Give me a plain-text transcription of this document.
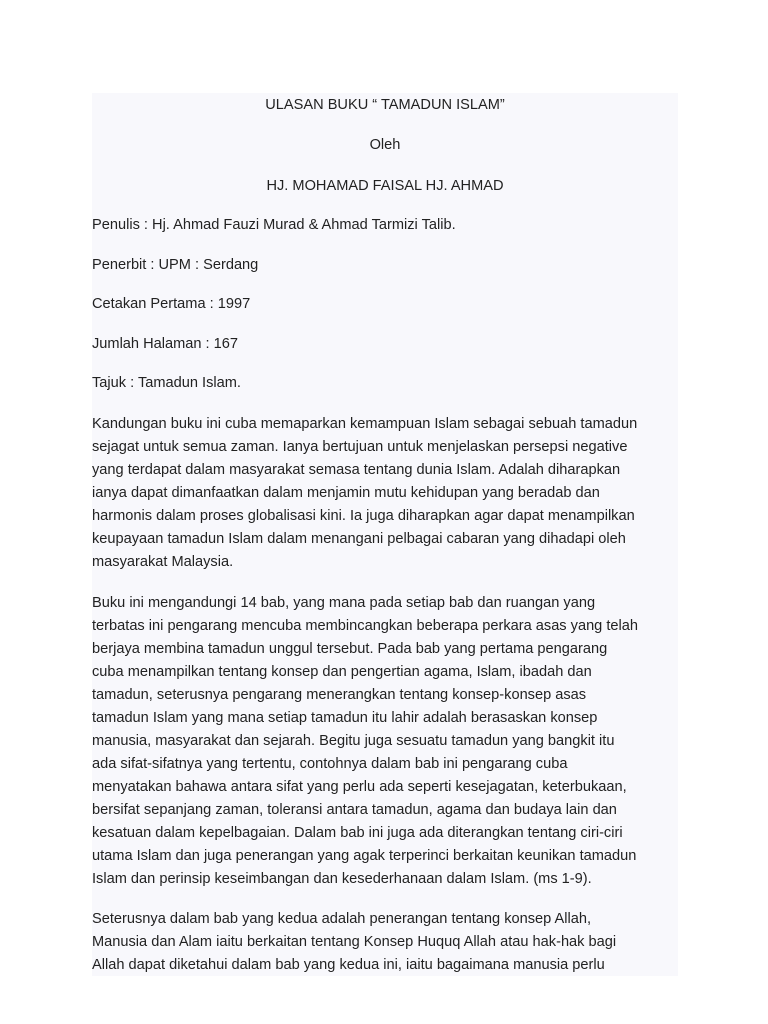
ULASAN BUKU “ TAMADUN ISLAM”
Oleh
HJ. MOHAMAD FAISAL HJ. AHMAD
Penulis : Hj. Ahmad Fauzi Murad & Ahmad Tarmizi Talib.
Penerbit : UPM : Serdang
Cetakan Pertama : 1997
Jumlah Halaman : 167
Tajuk : Tamadun Islam.
Kandungan buku ini cuba memaparkan kemampuan Islam sebagai sebuah tamadun
sejagat untuk semua zaman. Ianya bertujuan untuk menjelaskan persepsi negative
yang terdapat dalam masyarakat semasa tentang dunia Islam. Adalah diharapkan
ianya dapat dimanfaatkan dalam menjamin mutu kehidupan yang beradab dan
harmonis dalam proses globalisasi kini. Ia juga diharapkan agar dapat menampilkan
keupayaan tamadun Islam dalam menangani pelbagai cabaran yang dihadapi oleh
masyarakat Malaysia.
Buku ini mengandungi 14 bab, yang mana pada setiap bab dan ruangan yang
terbatas ini pengarang mencuba membincangkan beberapa perkara asas yang telah
berjaya membina tamadun unggul tersebut. Pada bab yang pertama pengarang
cuba menampilkan tentang konsep dan pengertian agama, Islam, ibadah dan
tamadun, seterusnya pengarang menerangkan tentang konsep-konsep asas
tamadun Islam yang mana setiap tamadun itu lahir adalah berasaskan konsep
manusia, masyarakat dan sejarah. Begitu juga sesuatu tamadun yang bangkit itu
ada sifat-sifatnya yang tertentu, contohnya dalam bab ini pengarang cuba
menyatakan bahawa antara sifat yang perlu ada seperti kesejagatan, keterbukaan,
bersifat sepanjang zaman, toleransi antara tamadun, agama dan budaya lain dan
kesatuan dalam kepelbagaian. Dalam bab ini juga ada diterangkan tentang ciri-ciri
utama Islam dan juga penerangan yang agak terperinci berkaitan keunikan tamadun
Islam dan perinsip keseimbangan dan kesederhanaan dalam Islam. (ms 1-9).
Seterusnya dalam bab yang kedua adalah penerangan tentang konsep Allah,
Manusia dan Alam iaitu berkaitan tentang Konsep Huquq Allah atau hak-hak bagi
Allah dapat diketahui dalam bab yang kedua ini, iaitu bagaimana manusia perlu
